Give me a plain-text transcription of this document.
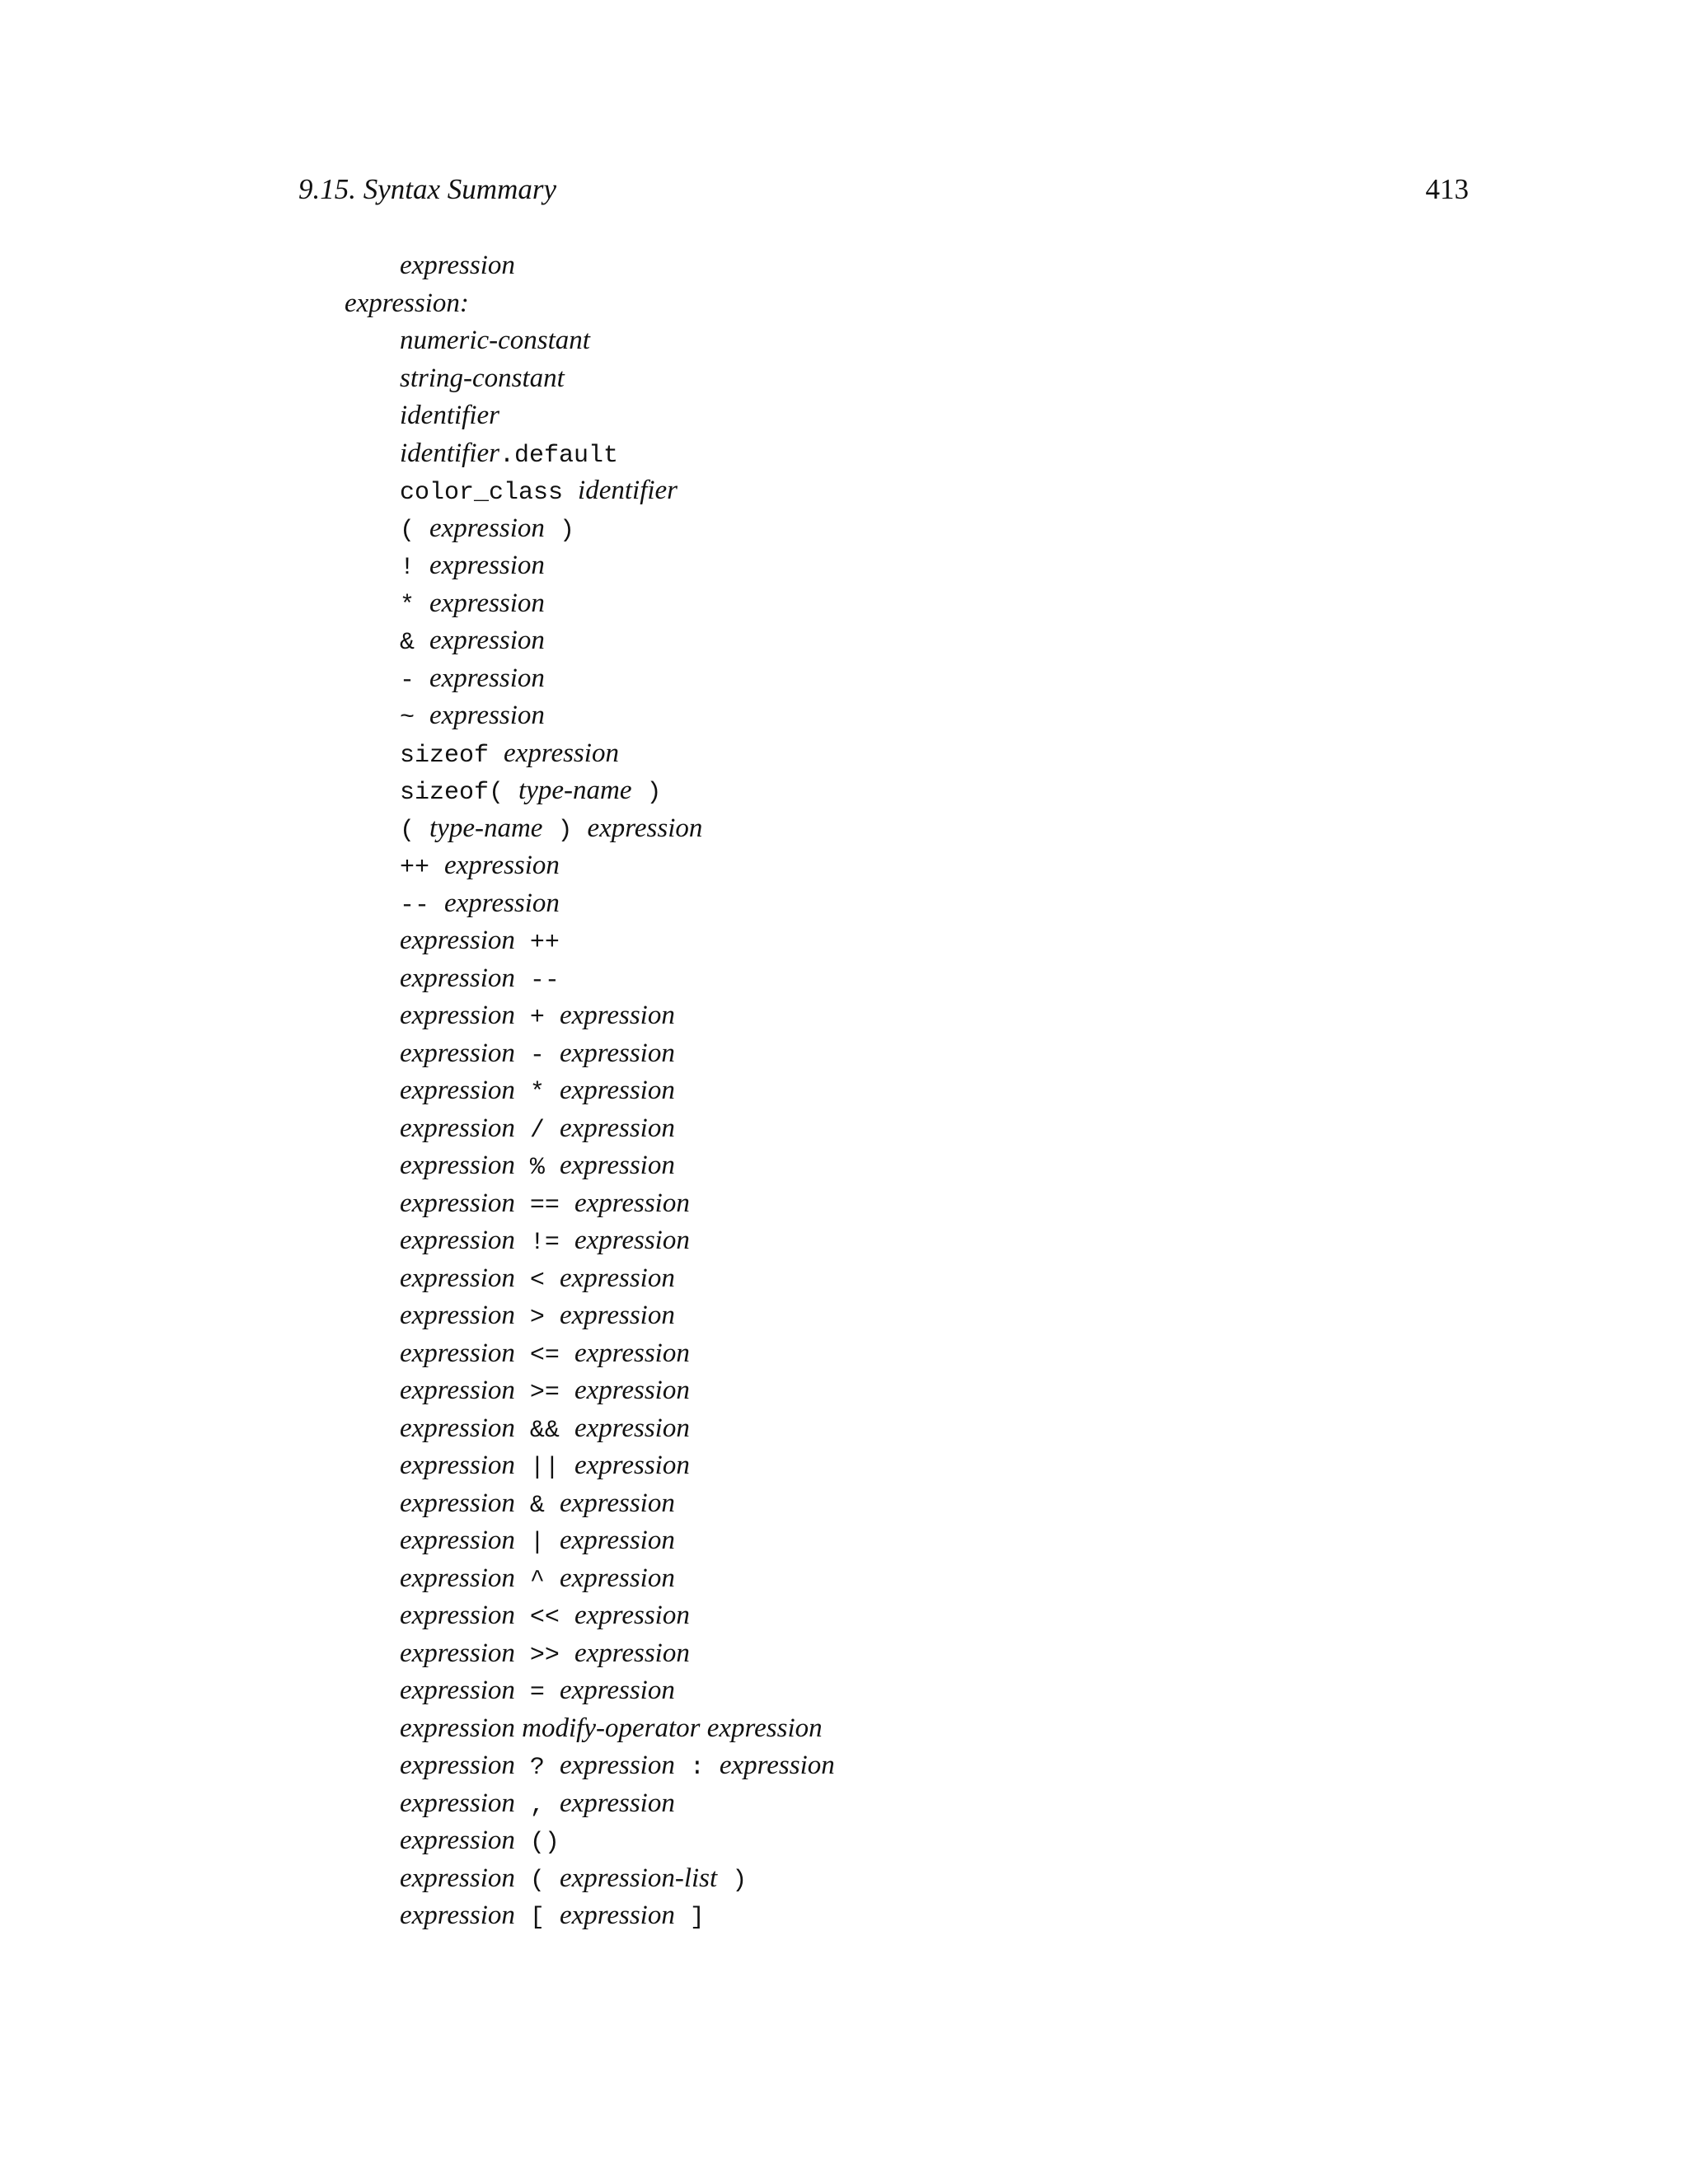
9.15. Syntax Summary	413
expression
expression:
numeric-constant
string-constant
identifier
identifier.default
color_class identifier
( expression )
! expression
* expression
& expression
- expression
~ expression
sizeof expression
sizeof( type-name )
( type-name ) expression
++ expression
-- expression
expression ++
expression --
expression + expression
expression - expression
expression * expression
expression / expression
expression % expression
expression == expression
expression != expression
expression < expression
expression > expression
expression <= expression
expression >= expression
expression && expression
expression || expression
expression & expression
expression | expression
expression ^ expression
expression << expression
expression >> expression
expression = expression
expression modify-operator expression
expression ? expression : expression
expression , expression
expression ()
expression ( expression-list )
expression [ expression ]
